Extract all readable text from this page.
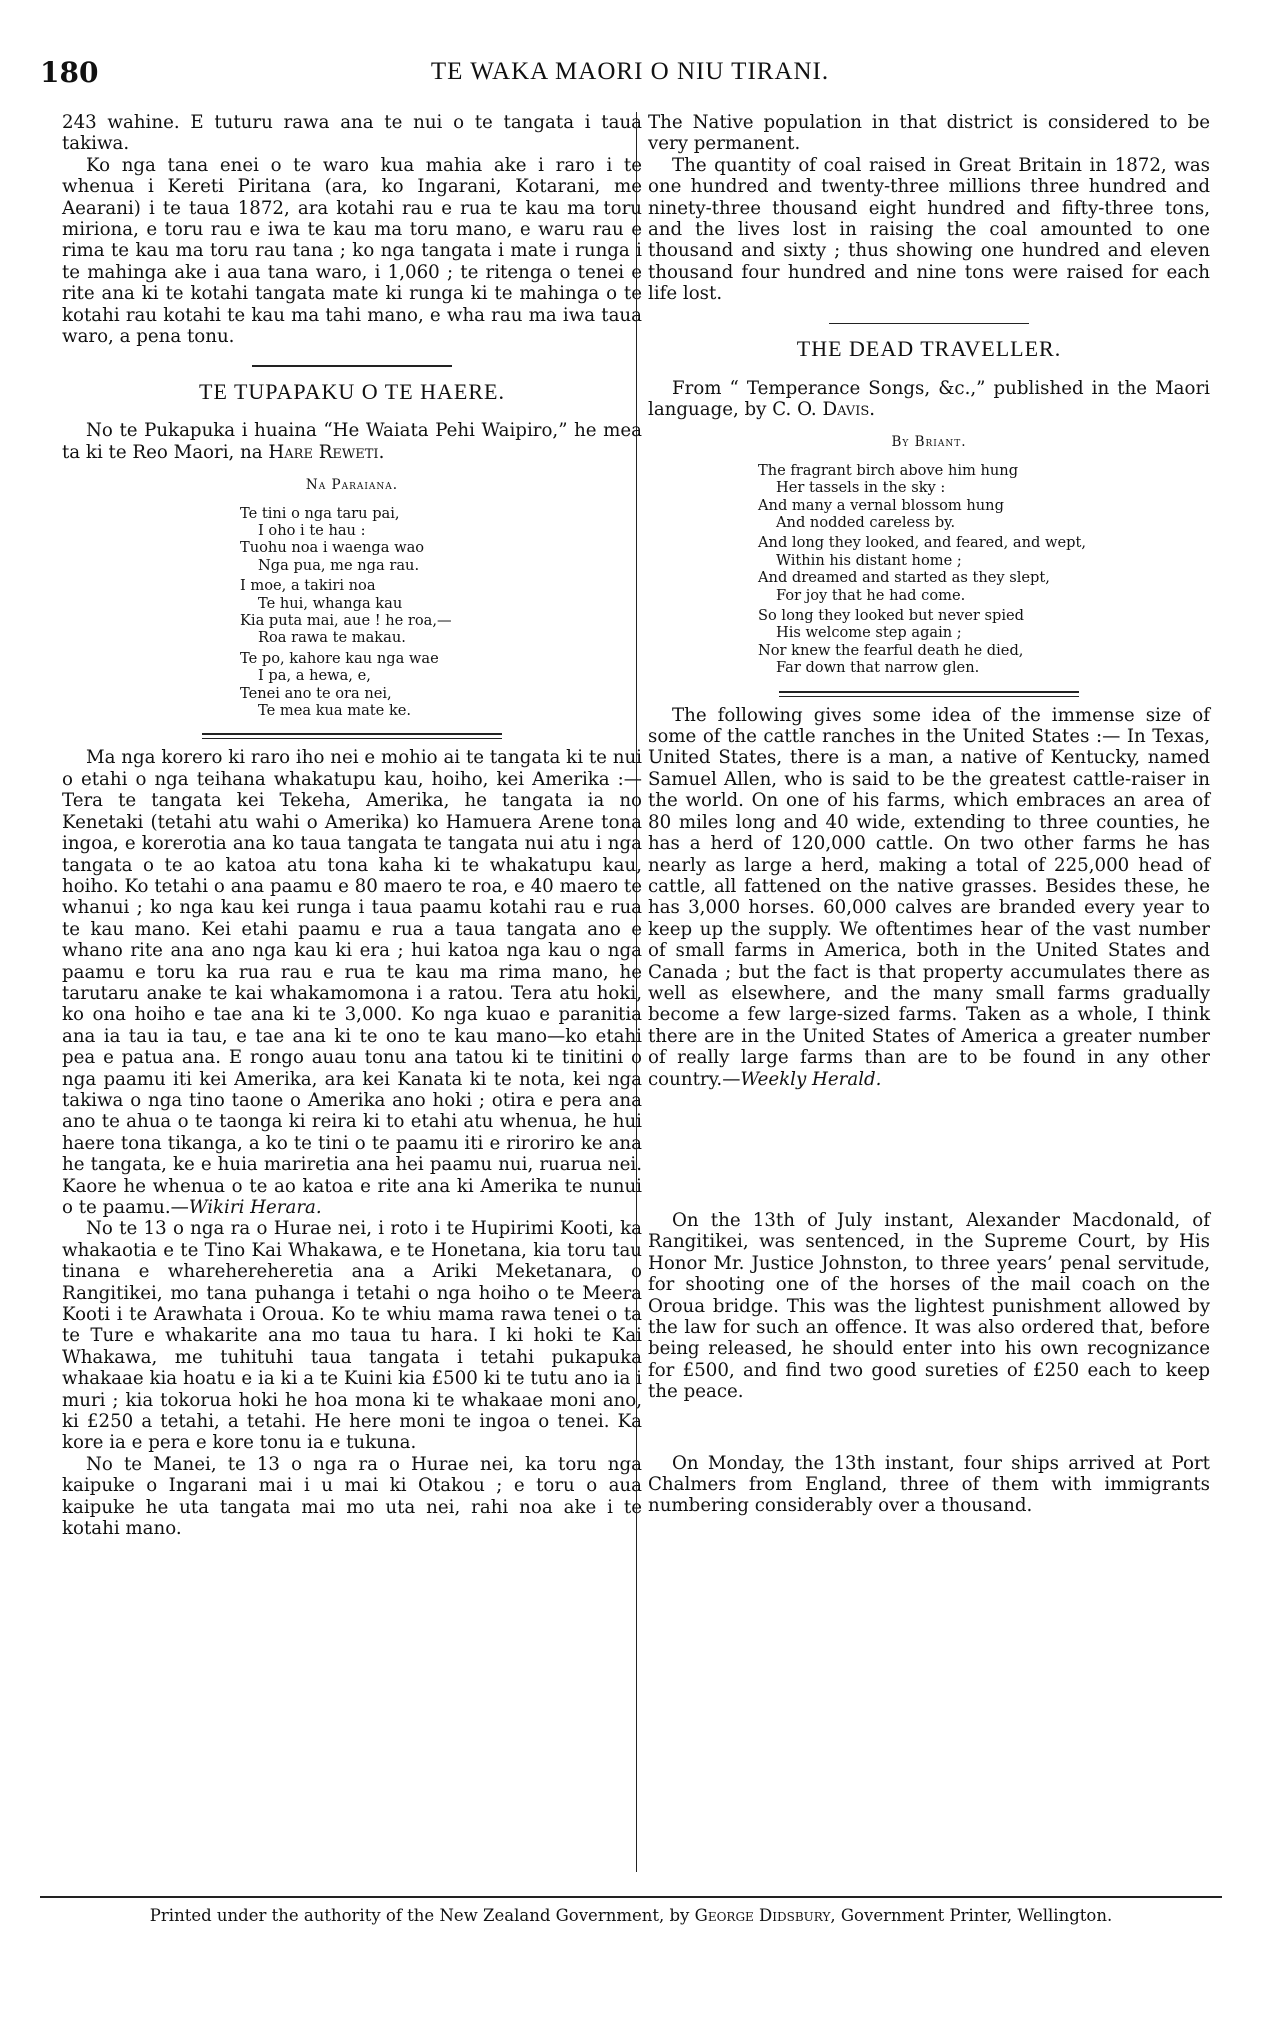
180	TE WAKA MAORI O NIU TIRANI.

243 wahine. E tuturu rawa ana te nui o te tangata i taua takiwa.

Ko nga tana enei o te waro kua mahia ake i raro i te whenua i Kereti Piritana (ara, ko Ingarani, Kotarani, me Aearani) i te taua 1872, ara kotahi rau e rua te kau ma toru miriona, e toru rau e iwa te kau ma toru mano, e waru rau e rima te kau ma toru rau tana ; ko nga tangata i mate i runga i te mahinga ake i aua tana waro, i 1,060 ; te ritenga o tenei e rite ana ki te kotahi tangata mate ki runga ki te mahinga o te kotahi rau kotahi te kau ma tahi mano, e wha rau ma iwa taua waro, a pena tonu.

TE TUPAPAKU O TE HAERE.

No te Pukapuka i huaina “He Waiata Pehi Waipiro,” he mea ta ki te Reo Maori, na Hare Reweti.

Na Paraiana.
Te tini o nga taru pai,
I oho i te hau :
Tuohu noa i waenga wao
Nga pua, me nga rau.
I moe, a takiri noa
Te hui, whanga kau
Kia puta mai, aue ! he roa,—
Roa rawa te makau.
Te po, kahore kau nga wae
I pa, a hewa, e,
Tenei ano te ora nei,
Te mea kua mate ke.

Ma nga korero ki raro iho nei e mohio ai te tangata ki te nui o etahi o nga teihana whakatupu kau, hoiho, kei Amerika :—Tera te tangata kei Tekeha, Amerika, he tangata ia no Kenetaki (tetahi atu wahi o Amerika) ko Hamuera Arene tona ingoa, e korerotia ana ko taua tangata te tangata nui atu i nga tangata o te ao katoa atu tona kaha ki te whakatupu kau, hoiho. Ko tetahi o ana paamu e 80 maero te roa, e 40 maero te whanui ; ko nga kau kei runga i taua paamu kotahi rau e rua te kau mano. Kei etahi paamu e rua a taua tangata ano e whano rite ana ano nga kau ki era ; hui katoa nga kau o nga paamu e toru ka rua rau e rua te kau ma rima mano, he tarutaru anake te kai whakamomona i a ratou. Tera atu hoki, ko ona hoiho e tae ana ki te 3,000. Ko nga kuao e paranitia ana ia tau ia tau, e tae ana ki te ono te kau mano—ko etahi pea e patua ana. E rongo auau tonu ana tatou ki te tinitini o nga paamu iti kei Amerika, ara kei Kanata ki te nota, kei nga takiwa o nga tino taone o Amerika ano hoki ; otira e pera ana ano te ahua o te taonga ki reira ki to etahi atu whenua, he hui haere tona tikanga, a ko te tini o te paamu iti e riroriro ke ana he tangata, ke e huia mariretia ana hei paamu nui, ruarua nei. Kaore he whenua o te ao katoa e rite ana ki Amerika te nunui o te paamu.—Wikiri Herara.

No te 13 o nga ra o Hurae nei, i roto i te Hupirimi Kooti, ka whakaotia e te Tino Kai Whakawa, e te Honetana, kia toru tau tinana e wharehereheretia ana a Ariki Meketanara, o Rangitikei, mo tana puhanga i tetahi o nga hoiho o te Meera Kooti i te Arawhata i Oroua. Ko te whiu mama rawa tenei o ta te Ture e whakarite ana mo taua tu hara. I ki hoki te Kai Whakawa, me tuhituhi taua tangata i tetahi pukapuka whakaae kia hoatu e ia ki a te Kuini kia £500 ki te tutu ano ia i muri ; kia tokorua hoki he hoa mona ki te whakaae moni ano, ki £250 a tetahi, a tetahi. He here moni te ingoa o tenei. Ka kore ia e pera e kore tonu ia e tukuna.

No te Manei, te 13 o nga ra o Hurae nei, ka toru nga kaipuke o Ingarani mai i u mai ki Otakou ; e toru o aua kaipuke he uta tangata mai mo uta nei, rahi noa ake i te kotahi mano.

The Native population in that district is considered to be very permanent.

The quantity of coal raised in Great Britain in 1872, was one hundred and twenty-three millions three hundred and ninety-three thousand eight hundred and fifty-three tons, and the lives lost in raising the coal amounted to one thousand and sixty ; thus showing one hundred and eleven thousand four hundred and nine tons were raised for each life lost.

THE DEAD TRAVELLER.

From “ Temperance Songs, &c.,” published in the Maori language, by C. O. Davis.

By Briant.
The fragrant birch above him hung
Her tassels in the sky :
And many a vernal blossom hung
And nodded careless by.
And long they looked, and feared, and wept,
Within his distant home ;
And dreamed and started as they slept,
For joy that he had come.
So long they looked but never spied
His welcome step again ;
Nor knew the fearful death he died,
Far down that narrow glen.

The following gives some idea of the immense size of some of the cattle ranches in the United States :— In Texas, United States, there is a man, a native of Kentucky, named Samuel Allen, who is said to be the greatest cattle-raiser in the world. On one of his farms, which embraces an area of 80 miles long and 40 wide, extending to three counties, he has a herd of 120,000 cattle. On two other farms he has nearly as large a herd, making a total of 225,000 head of cattle, all fattened on the native grasses. Besides these, he has 3,000 horses. 60,000 calves are branded every year to keep up the supply. We oftentimes hear of the vast number of small farms in America, both in the United States and Canada ; but the fact is that property accumulates there as well as elsewhere, and the many small farms gradually become a few large-sized farms. Taken as a whole, I think there are in the United States of America a greater number of really large farms than are to be found in any other country.—Weekly Herald.

On the 13th of July instant, Alexander Macdonald, of Rangitikei, was sentenced, in the Supreme Court, by His Honor Mr. Justice Johnston, to three years’ penal servitude, for shooting one of the horses of the mail coach on the Oroua bridge. This was the lightest punishment allowed by the law for such an offence. It was also ordered that, before being released, he should enter into his own recognizance for £500, and find two good sureties of £250 each to keep the peace.

On Monday, the 13th instant, four ships arrived at Port Chalmers from England, three of them with immigrants numbering considerably over a thousand.

Printed under the authority of the New Zealand Government, by George Didsbury, Government Printer, Wellington.
